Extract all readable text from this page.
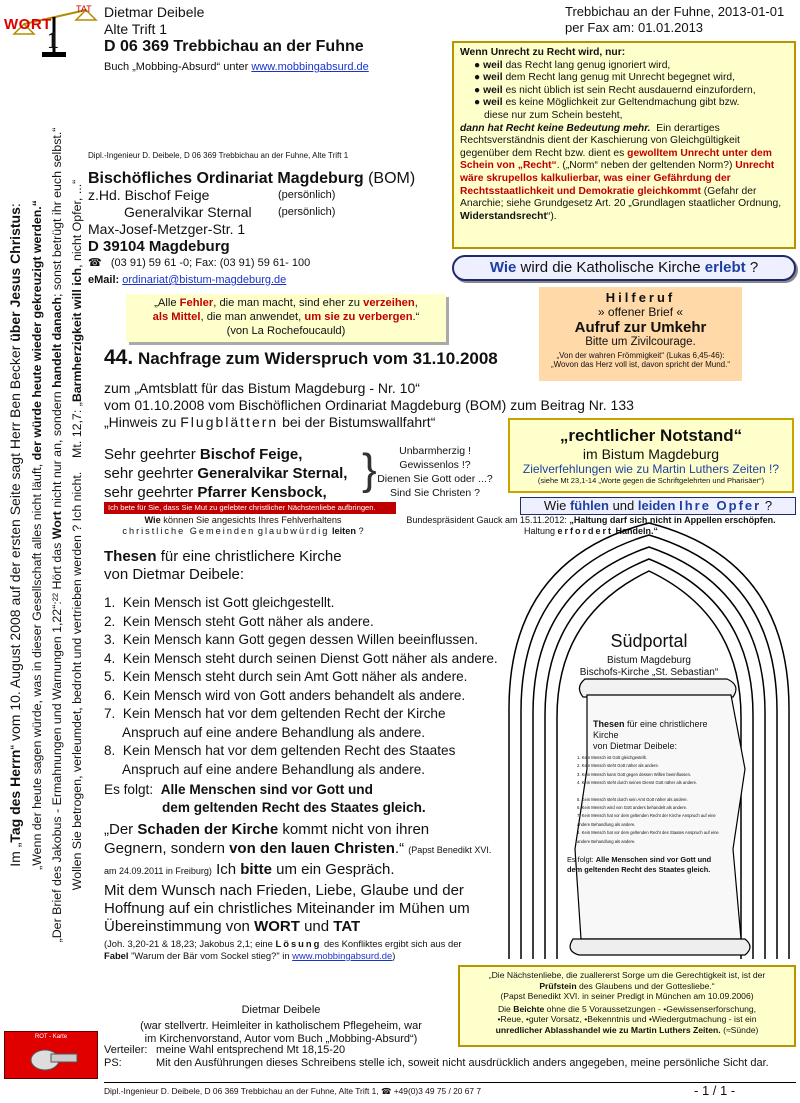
WORT
TAT
1
Im „Tag des Herrn“ vom 10. August 2008 auf der ersten Seite sagt Herr Ben Becker über Jesus Christus:
„Wenn der heute sagen würde, was in dieser Gesellschaft alles nicht läuft, der würde heute wieder gekreuzigt werden.“
„Der Brief des Jakobus - Ermahnungen und Warnungen 1,22“:²² Hört das Wort nicht nur an, sondern handelt danach; sonst betrügt ihr euch selbst.“
Wollen Sie betrogen, verleumdet, bedroht und vertrieben werden ? Ich nicht.    Mt. 12,7: „Barmherzigkeit will ich, nicht Opfer, ...“
Dietmar Deibele
Alte Trift 1
D 06 369 Trebbichau an der Fuhne
Buch „Mobbing-Absurd“ unter www.mobbingabsurd.de
Trebbichau an der Fuhne, 2013-01-01
per Fax am: 01.01.2013
Wenn Unrecht zu Recht wird, nur:
● weil das Recht lang genug ignoriert wird,
● weil dem Recht lang genug mit Unrecht begegnet wird,
● weil es nicht üblich ist sein Recht ausdauernd einzufordern,
● weil es keine Möglichkeit zur Geltendmachung gibt bzw.
diese nur zum Schein besteht,
dann hat Recht keine Bedeutung mehr. Ein derartiges Rechtsverständnis dient der Kaschierung von Gleichgültigkeit gegenüber dem Recht bzw. dient es gewolltem Unrecht unter dem Schein von „Recht“. („Norm“ neben der geltenden Norm?) Unrecht wäre skrupellos kalkulierbar, was einer Gefährdung der Rechtsstaatlichkeit und Demokratie gleichkommt (Gefahr der Anarchie; siehe Grundgesetz Art. 20 „Grundlagen staatlicher Ordnung, Widerstandsrecht“).
Wie wird die Katholische Kirche erlebt ?
Dipl.-Ingenieur D. Deibele, D 06 369 Trebbichau an der Fuhne, Alte Trift 1
Bischöfliches Ordinariat Magdeburg (BOM)
z.Hd. Bischof Feige	(persönlich)
Generalvikar Sternal (persönlich)
Max-Josef-Metzger-Str. 1
D 39104 Magdeburg
☎ (03 91) 59 61 -0; Fax: (03 91) 59 61- 100
eMail: ordinariat@bistum-magdeburg.de
„Alle Fehler, die man macht, sind eher zu verzeihen,
als Mittel, die man anwendet, um sie zu verbergen.“
(von La Rochefoucauld)
Hilferuf
» offener Brief «
Aufruf zur Umkehr
Bitte um Zivilcourage.
„Von der wahren Frömmigkeit“ (Lukas 6,45-46):
„Wovon das Herz voll ist, davon spricht der Mund.“
44. Nachfrage zum Widerspruch vom 31.10.2008
zum „Amtsblatt für das Bistum Magdeburg - Nr. 10“
vom 01.10.2008 vom Bischöflichen Ordinariat Magdeburg (BOM) zum Beitrag Nr. 133
„Hinweis zu Flugblättern bei der Bistumswallfahrt“
„rechtlicher Notstand“
im Bistum Magdeburg
Zielverfehlungen wie zu Martin Luthers Zeiten !?
(siehe Mt 23,1-14 „Worte gegen die Schriftgelehrten und Pharisäer“)
Sehr geehrter Bischof Feige,
sehr geehrter Generalvikar Sternal,
sehr geehrter Pfarrer Kensbock, }	Unbarmherzig !
Gewissenlos !?
Dienen Sie Gott oder ...?
Sind Sie Christen ?
Wie fühlen und leiden Ihre Opfer ?
Ich bete für Sie, dass Sie Mut zu gelebter christlicher Nächstenliebe aufbringen.
Wie können Sie angesichts Ihres Fehlverhaltens
christliche Gemeinden glaubwürdig leiten ?
Bundespräsident Gauck am 15.11.2012: „Haltung darf sich nicht in Appellen erschöpfen.
Haltung erfordert Handeln.“
Thesen für eine christlichere Kirche
von Dietmar Deibele:
1.  Kein Mensch ist Gott gleichgestellt.
2.  Kein Mensch steht Gott näher als andere.
3.  Kein Mensch kann Gott gegen dessen Willen beeinflussen.
4.  Kein Mensch steht durch seinen Dienst Gott näher als andere.
5.  Kein Mensch steht durch sein Amt Gott näher als andere.
6.  Kein Mensch wird von Gott anders behandelt als andere.
7.  Kein Mensch hat vor dem geltenden Recht der Kirche Anspruch auf eine andere Behandlung als andere.
8.  Kein Mensch hat vor dem geltenden Recht des Staates Anspruch auf eine andere Behandlung als andere.
Es folgt: Alle Menschen sind vor Gott und
dem geltenden Recht des Staates gleich.
„Der Schaden der Kirche kommt nicht von ihren Gegnern, sondern von den lauen Christen.“ (Papst Benedikt XVI. am 24.09.2011 in Freiburg) Ich bitte um ein Gespräch.
Mit dem Wunsch nach Frieden, Liebe, Glaube und der
Hoffnung auf ein christliches Miteinander im Mühen um
Übereinstimmung von WORT und TAT
(Joh. 3,20-21 & 18,23; Jakobus 2,1; eine Lösung des Konfliktes ergibt sich aus der
Fabel "Warum der Bär vom Sockel stieg?" in www.mobbingabsurd.de)
Südportal
Bistum Magdeburg
Bischofs-Kirche „St. Sebastian“
Thesen für eine christlichere Kirche
von Dietmar Deibele:
1. Kein Mensch ist Gott gleichgestellt.
2. Kein Mensch steht Gott näher als andere.
3. Kein Mensch kann Gott gegen dessen Willen beeinflussen.
4. Kein Mensch steht durch seinen Dienst Gott näher als andere.
5. Kein Mensch steht durch sein Amt Gott näher als andere.
6. Kein Mensch wird von Gott anders behandelt als andere.
7. Kein Mensch hat vor dem geltenden Recht der Kirche Anspruch auf eine andere Behandlung als andere.
8. Kein Mensch hat vor dem geltenden Recht des Staates Anspruch auf eine andere Behandlung als andere.
Es folgt: Alle Menschen sind vor Gott und dem geltenden Recht des Staates gleich.
„Die Nächstenliebe, die zuallererst Sorge um die Gerechtigkeit ist, ist der
Prüfstein des Glaubens und der Gottesliebe.“
(Papst Benedikt XVI. in seiner Predigt in München am 10.09.2006)
Die Beichte ohne die 5 Voraussetzungen - •Gewissenserforschung,
•Reue, •guter Vorsatz, •Bekenntnis und •Wiedergutmachung - ist ein
unredlicher Ablasshandel wie zu Martin Luthers Zeiten. (≈Sünde)
Dietmar Deibele
(war stellvertr. Heimleiter in katholischem Pflegeheim, war
im Kirchenvorstand, Autor vom Buch „Mobbing-Absurd“)
Verteiler: meine Wahl entsprechend Mt 18,15-20
PS:	Mit den Ausführungen dieses Schreibens stelle ich, soweit nicht ausdrücklich anders angegeben, meine persönliche Sicht dar.
ROT - Karte
Dipl.-Ingenieur D. Deibele, D 06 369 Trebbichau an der Fuhne, Alte Trift 1, ☎ +49(0)3 49 75 / 20 67 7	- 1 / 1 -
